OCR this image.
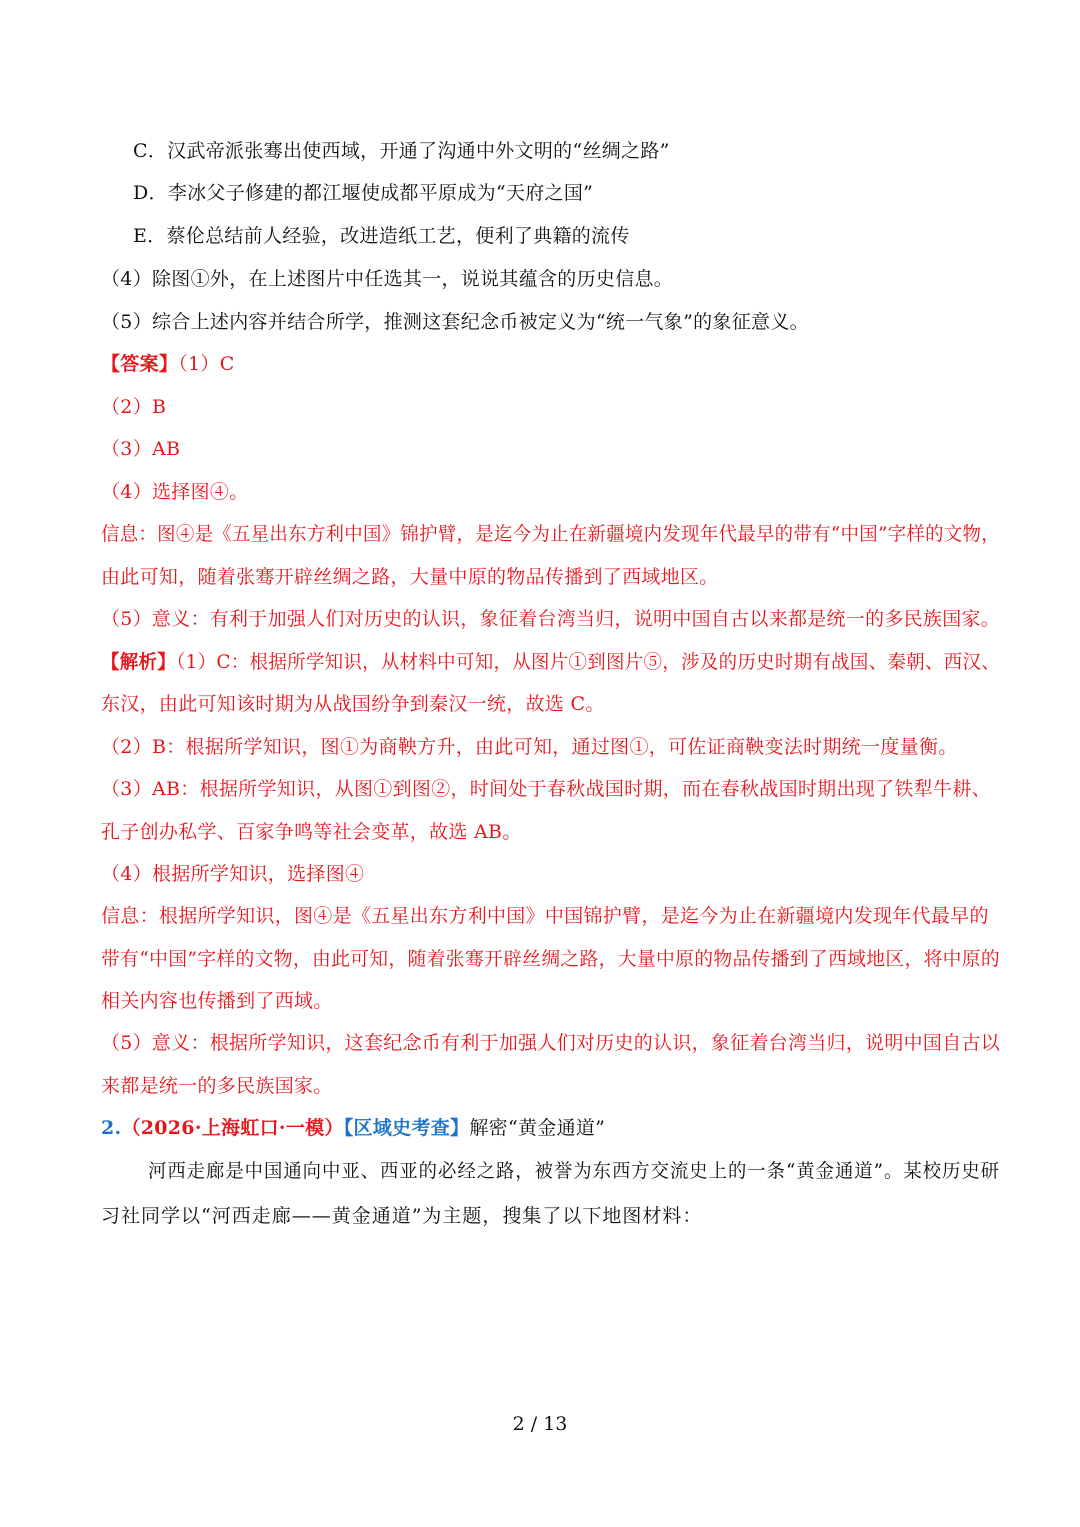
C．汉武帝派张骞出使西域，开通了沟通中外文明的“丝绸之路”
D．李冰父子修建的都江堰使成都平原成为“天府之国”
E．蔡伦总结前人经验，改进造纸工艺，便利了典籍的流传
（4）除图①外，在上述图片中任选其一，说说其蕴含的历史信息。
（5）综合上述内容并结合所学，推测这套纪念币被定义为“统一气象”的象征意义。
【答案】（1）C
（2）B
（3）AB
（4）选择图④。
信息：图④是《五星出东方利中国》锦护臂，是迄今为止在新疆境内发现年代最早的带有“中国”字样的文物，
由此可知，随着张骞开辟丝绸之路，大量中原的物品传播到了西域地区。
（5）意义：有利于加强人们对历史的认识，象征着台湾当归，说明中国自古以来都是统一的多民族国家。
【解析】（1）C：根据所学知识，从材料中可知，从图片①到图片⑤，涉及的历史时期有战国、秦朝、西汉、
东汉，由此可知该时期为从战国纷争到秦汉一统，故选 C。
（2）B：根据所学知识，图①为商鞅方升，由此可知，通过图①，可佐证商鞅变法时期统一度量衡。
（3）AB：根据所学知识，从图①到图②，时间处于春秋战国时期，而在春秋战国时期出现了铁犁牛耕、
孔子创办私学、百家争鸣等社会变革，故选 AB。
（4）根据所学知识，选择图④
信息：根据所学知识，图④是《五星出东方利中国》中国锦护臂，是迄今为止在新疆境内发现年代最早的
带有“中国”字样的文物，由此可知，随着张骞开辟丝绸之路，大量中原的物品传播到了西域地区，将中原的
相关内容也传播到了西域。
（5）意义：根据所学知识，这套纪念币有利于加强人们对历史的认识，象征着台湾当归，说明中国自古以
来都是统一的多民族国家。
2.（2026·上海虹口·一模）【区域史考查】解密“黄金通道”
河西走廊是中国通向中亚、西亚的必经之路，被誉为东西方交流史上的一条“黄金通道”。某校历史研
习社同学以“河西走廊——黄金通道”为主题，搜集了以下地图材料：
2 / 13
